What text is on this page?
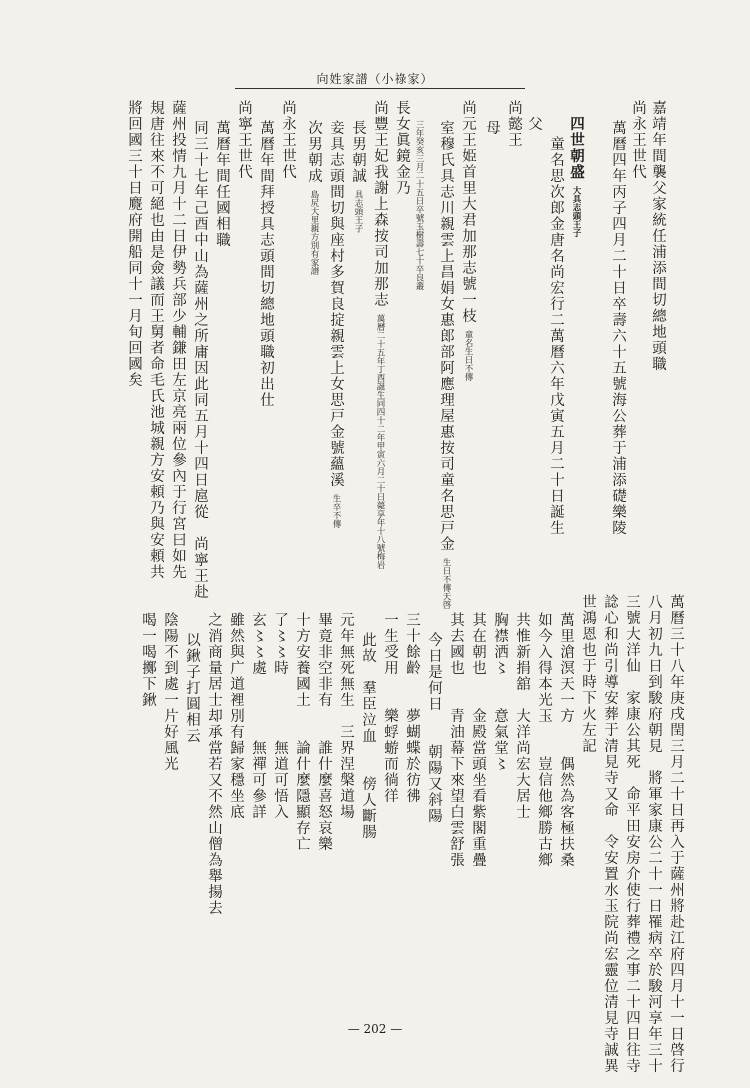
向姓家譜（小祿家）
嘉靖年間襲父家統任浦添間切總地頭職
尚永王世代
萬曆四年丙子四月二十日卒壽六十五號海公葬于浦添礎樂陵
四世朝盛大具志頭王子
童名思次郎金唐名尚宏行二萬曆六年戊寅五月二十日誕生
父
尚懿王
母
尚元王姫首里大君加那志號一枝童名生日不傳
室穆氏具志川親雲上昌娟女惠郎部阿應理屋惠按司童名思戸金生日不傳天啓
三年癸亥三月二十五日卒號玉樹壽七十卒良叢
長女眞鏡金乃
尚豐王妃我謝上森按司加那志萬曆二十五年丁酉誕生同四十二年甲寅六月二十日薨享年十八號梅岩
長男朝誠具志頭王子
妾具志頭間切與座村多賀良掟親雲上女思戸金號蘊溪生卒不傳
次男朝成島尻大里親方別有家譜
尚永王世代
萬曆年間拜授具志頭間切總地頭職初出仕
尚寧王世代
萬曆年間任國相職
同三十七年己酉中山為薩州之所庸因此同五月十四日扈從　尚寧王赴
薩州投情九月十二日伊勢兵部少輔鎌田左京亮兩位參內于行宮曰如先
規唐往來不可絕也由是僉議而王舅者命毛氏池城親方安頼乃與安頼共
將回國三十日麑府開船同十一月旬回國矣
萬曆三十八年庚戌閏三月二十日再入于薩州將赴江府四月十一日啓行
八月初九日到駿府朝見　將軍家康公二十一日罹病卒於駿河享年三十
三號大洋仙　家康公其死　命平田安房介使行葬禮之事二十四日往寺
諗心和尚引導安葬于清見寺又命　令安置水玉院尚宏靈位清見寺誠異
世鴻恩也于時下火左記
萬里滄溟天一方　　偶然為客極扶桑
如今入得本光玉　　豈信他鄉勝古鄉
共惟新捐舘　大洋尚宏大居士
胸襟洒〻　　意氣堂〻
其在朝也　　金殿當頭坐看紫閣重疊
其去國也　　青油幕下來望白雲舒張
今日是何日　　朝陽又斜陽
三十餘齡　　夢蝴蝶於彷彿
一生受用　　樂蜉蝣而徜徉
此故　羣臣泣血　　傍人斷腸
元年無死無生　三界涅槃道場
畢竟非空非有　　誰什麼喜怒哀樂
十方安養國土　　論什麼隱顯存亡
了〻〻時　　　　無道可悟入
玄〻〻處　　　　無禪可參詳
雖然與广道裡別有歸家穩坐底
之消商量居士却承當若又不然山僧為舉揚去
以鍬子打圓相云
陰陽不到處一片好風光
喝一喝擲下鍬
— 202 —
